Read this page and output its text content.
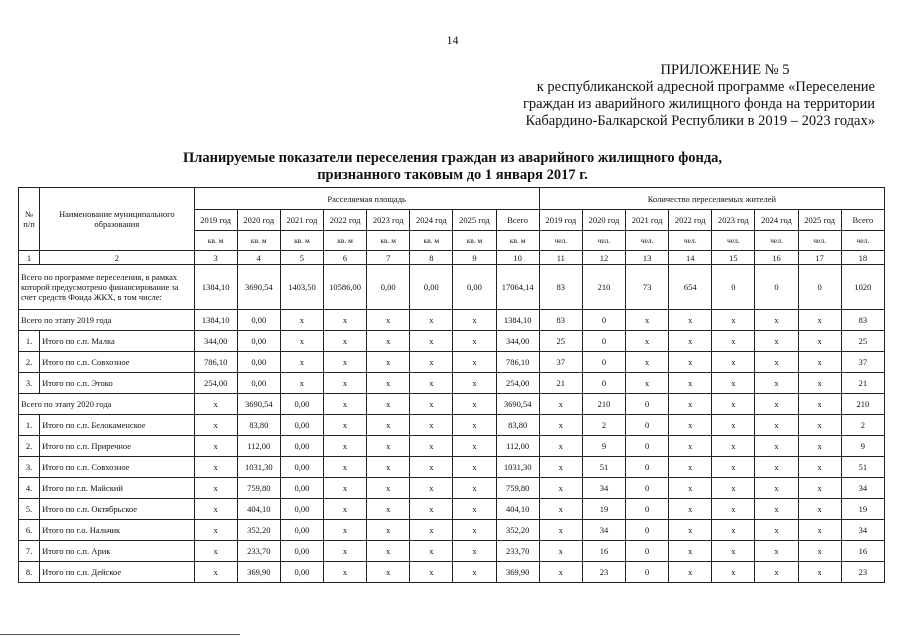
14
ПРИЛОЖЕНИЕ № 5
к республиканской адресной программе «Переселение
граждан из аварийного жилищного фонда на территории
Кабардино-Балкарской Республики в 2019 – 2023 годах»
Планируемые показатели переселения граждан из аварийного жилищного фонда,
признанного таковым до 1 января 2017 г.
№ п/п	Наименование муниципального образования	Расселяемая площадь								Количество переселяемых жителей							
		2019 год	2020 год	2021 год	2022 год	2023 год	2024 год	2025 год	Всего	2019 год	2020 год	2021 год	2022 год	2023 год	2024 год	2025 год	Всего
		кв. м	кв. м	кв. м	кв. м	кв. м	кв. м	кв. м	кв. м	чел.	чел.	чел.	чел.	чел.	чел.	чел.	чел.
1	2	3	4	5	6	7	8	9	10	11	12	13	14	15	16	17	18
Всего по программе переселения, в рамках которой предусмотрено финансирование за счет средств Фонда ЖКХ, в том числе:		1384,10	3690,54	1403,50	10586,00	0,00	0,00	0,00	17064,14	83	210	73	654	0	0	0	1020
Всего по этапу 2019 года		1384,10	0,00	х	х	х	х	х	1384,10	83	0	х	х	х	х	х	83
1.	Итого по с.п. Малка	344,00	0,00	х	х	х	х	х	344,00	25	0	х	х	х	х	х	25
2.	Итого по с.п. Совхозное	786,10	0,00	х	х	х	х	х	786,10	37	0	х	х	х	х	х	37
3.	Итого по с.п. Этоко	254,00	0,00	х	х	х	х	х	254,00	21	0	х	х	х	х	х	21
Всего по этапу 2020 года		х	3690,54	0,00	х	х	х	х	3690,54	х	210	0	х	х	х	х	210
1.	Итого по с.п. Белокаменское	х	83,80	0,00	х	х	х	х	83,80	х	2	0	х	х	х	х	2
2.	Итого по с.п. Приречное	х	112,00	0,00	х	х	х	х	112,00	х	9	0	х	х	х	х	9
3.	Итого по с.п. Совхозное	х	1031,30	0,00	х	х	х	х	1031,30	х	51	0	х	х	х	х	51
4.	Итого по г.п. Майский	х	759,80	0,00	х	х	х	х	759,80	х	34	0	х	х	х	х	34
5.	Итого по с.п. Октябрьское	х	404,10	0,00	х	х	х	х	404,10	х	19	0	х	х	х	х	19
6.	Итого по г.о. Нальчик	х	352,20	0,00	х	х	х	х	352,20	х	34	0	х	х	х	х	34
7.	Итого по с.п. Арик	х	233,70	0,00	х	х	х	х	233,70	х	16	0	х	х	х	х	16
8.	Итого по с.п. Дейское	х	369,90	0,00	х	х	х	х	369,90	х	23	0	х	х	х	х	23
